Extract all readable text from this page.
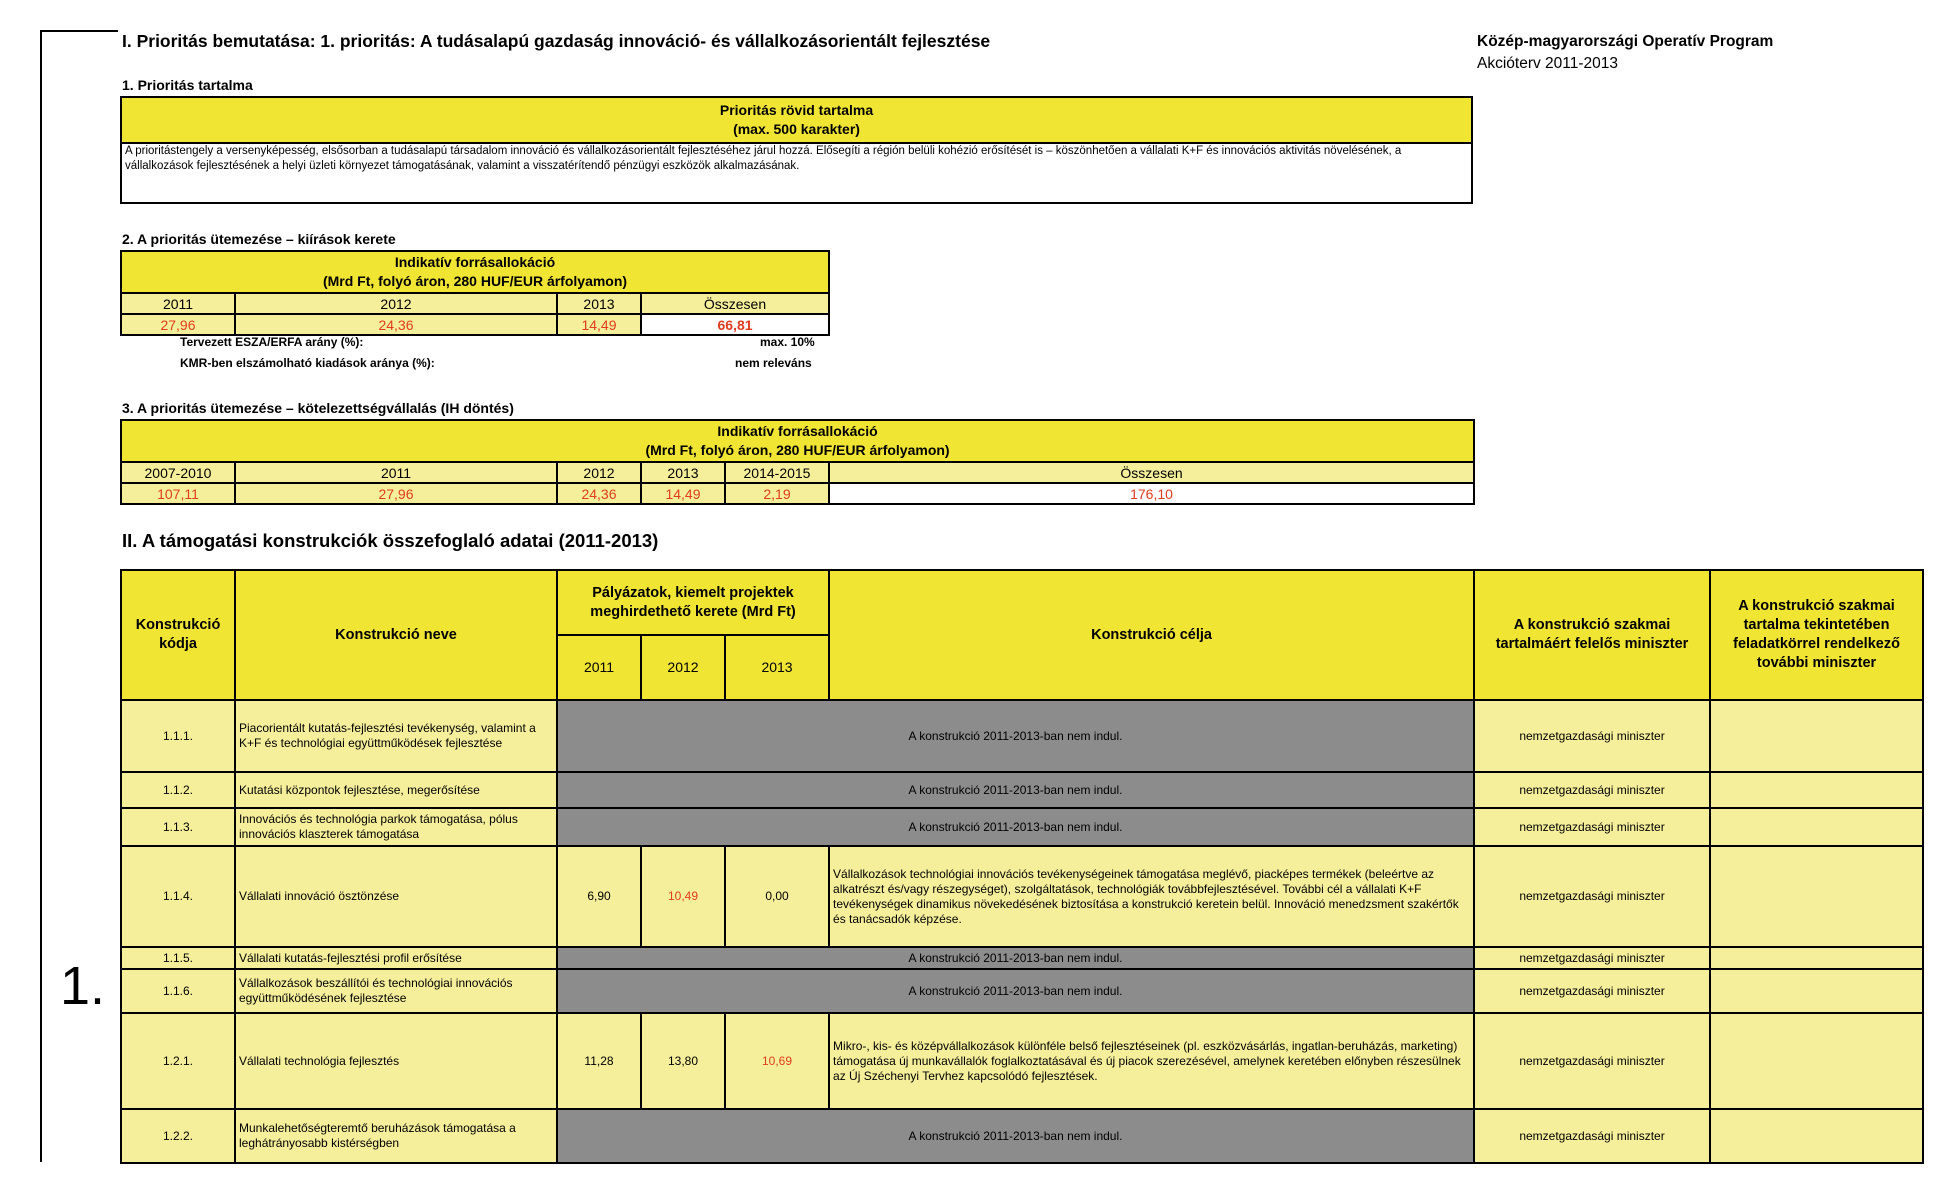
1.
I. Prioritás bemutatása: 1. prioritás: A tudásalapú gazdaság innováció- és vállalkozásorientált fejlesztése	Közép-magyarországi Operatív Program
Akcióterv 2011-2013
1. Prioritás tartalma
Prioritás rövid tartalma
(max. 500 karakter)

A prioritástengely a versenyképesség, elsősorban a tudásalapú társadalom innováció és vállalkozásorientált fejlesztéséhez járul hozzá. Elősegíti a régión belüli kohézió erősítését is – köszönhetően a vállalati K+F és innovációs aktivitás növelésének, a vállalkozások fejlesztésének a helyi üzleti környezet támogatásának, valamint a visszatérítendő pénzügyi eszközök alkalmazásának.
2. A prioritás ütemezése – kiírások kerete
Indikatív forrásallokáció
(Mrd Ft, folyó áron, 280 HUF/EUR árfolyamon)			

2011	2012	2013	Összesen
27,96	24,36	14,49	66,81
Tervezett ESZA/ERFA arány (%):	max. 10%
KMR-ben elszámolható kiadások aránya (%):	nem releváns
3. A prioritás ütemezése – kötelezettségvállalás (IH döntés)
Indikatív forrásallokáció
(Mrd Ft, folyó áron, 280 HUF/EUR árfolyamon)					

2007-2010	2011	2012	2013	2014-2015	Összesen
107,11	27,96	24,36	14,49	2,19	176,10
II. A támogatási konstrukciók összefoglaló adatai (2011-2013)
Konstrukció kódja	Konstrukció neve	Pályázatok, kiemelt projektek meghirdethető kerete (Mrd Ft)			Konstrukció célja	A konstrukció szakmai tartalmáért felelős miniszter	A konstrukció szakmai tartalma tekintetében feladatkörrel rendelkező további miniszter
		2011	2012	2013			
1.1.1.	Piacorientált kutatás-fejlesztési tevékenység, valamint a K+F és technológiai együttműködések fejlesztése	A konstrukció 2011-2013-ban nem indul.				nemzetgazdasági miniszter	
1.1.2.	Kutatási központok fejlesztése, megerősítése	A konstrukció 2011-2013-ban nem indul.				nemzetgazdasági miniszter	
1.1.3.	Innovációs és technológia parkok támogatása, pólus innovációs klaszterek támogatása	A konstrukció 2011-2013-ban nem indul.				nemzetgazdasági miniszter	
1.1.4.	Vállalati innováció ösztönzése	6,90	10,49	0,00	Vállalkozások technológiai innovációs tevékenységeinek támogatása meglévő, piacképes termékek (beleértve az alkatrészt és/vagy részegységet), szolgáltatások, technológiák továbbfejlesztésével. További cél a vállalati K+F tevékenységek dinamikus növekedésének biztosítása a konstrukció keretein belül. Innováció menedzsment szakértők és tanácsadók képzése.	nemzetgazdasági miniszter	
1.1.5.	Vállalati kutatás-fejlesztési profil erősítése	A konstrukció 2011-2013-ban nem indul.				nemzetgazdasági miniszter	
1.1.6.	Vállalkozások beszállítói és technológiai innovációs együttműködésének fejlesztése	A konstrukció 2011-2013-ban nem indul.				nemzetgazdasági miniszter	
1.2.1.	Vállalati technológia fejlesztés	11,28	13,80	10,69	Mikro-, kis- és középvállalkozások különféle belső fejlesztéseinek (pl. eszközvásárlás, ingatlan-beruházás, marketing) támogatása új munkavállalók foglalkoztatásával és új piacok szerezésével, amelynek keretében előnyben részesülnek az Új Széchenyi Tervhez kapcsolódó fejlesztések.	nemzetgazdasági miniszter	
1.2.2.	Munkalehetőségteremtő beruházások támogatása a leghátrányosabb kistérségben	A konstrukció 2011-2013-ban nem indul.				nemzetgazdasági miniszter	
